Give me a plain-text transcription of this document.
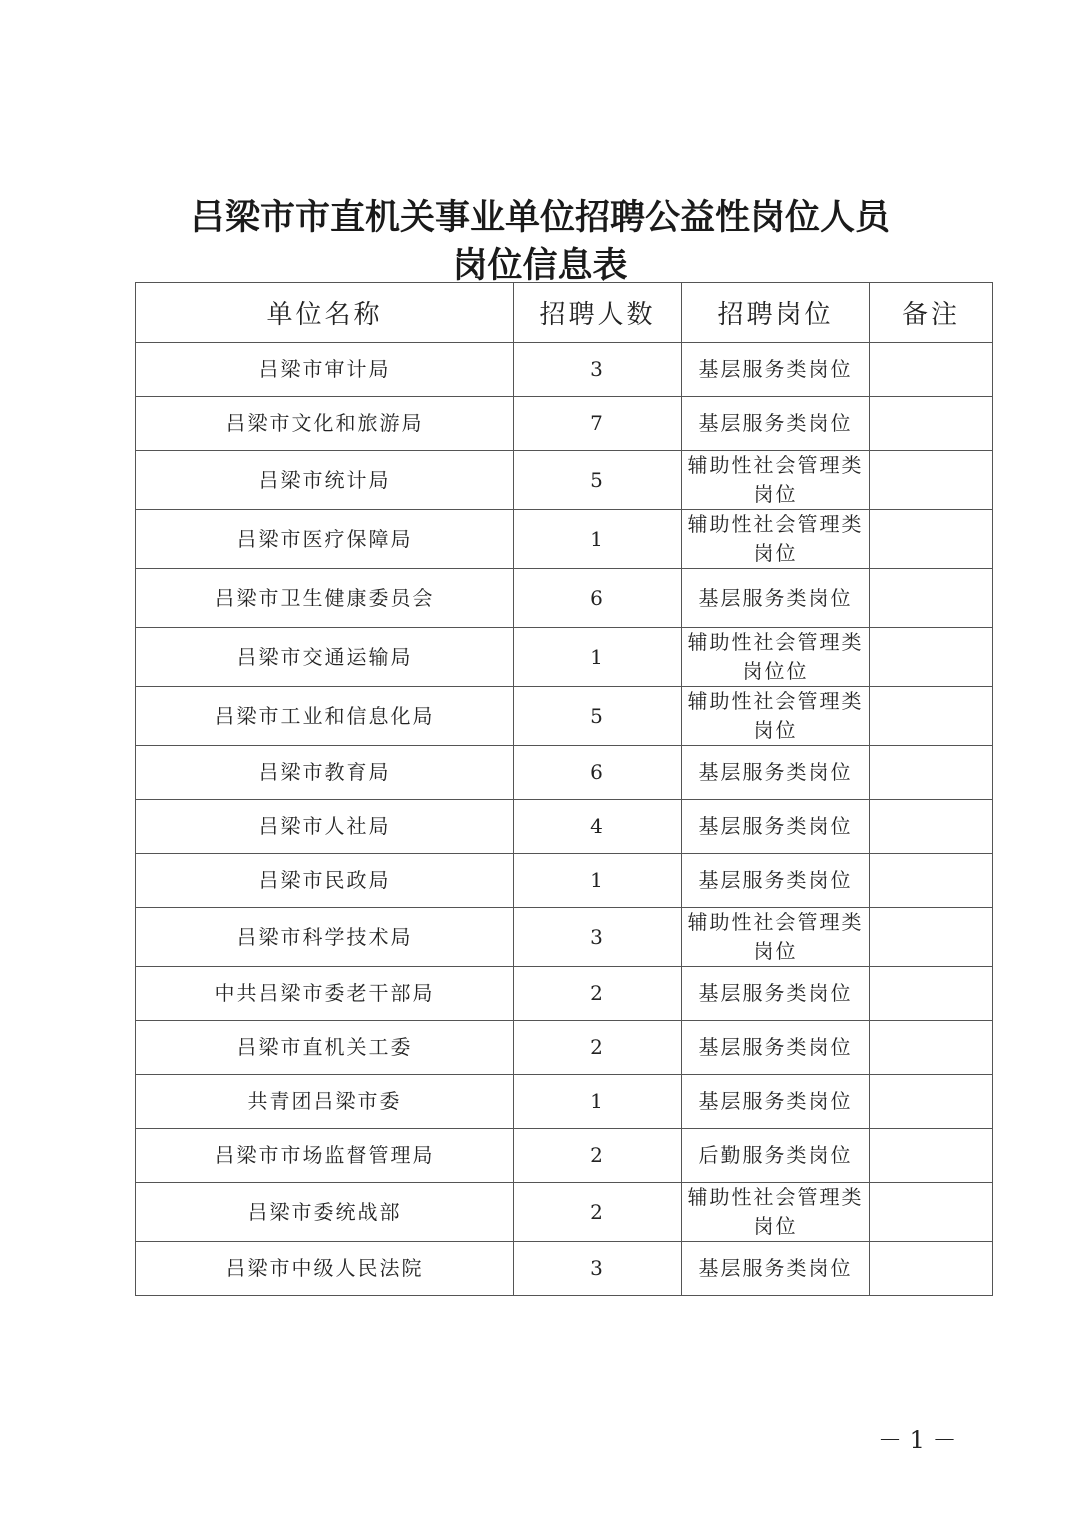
吕梁市市直机关事业单位招聘公益性岗位人员
岗位信息表
单位名称	招聘人数	招聘岗位	备注
吕梁市审计局	3	基层服务类岗位	
吕梁市文化和旅游局	7	基层服务类岗位	
吕梁市统计局	5	辅助性社会管理类岗位	
吕梁市医疗保障局	1	辅助性社会管理类岗位	
吕梁市卫生健康委员会	6	基层服务类岗位	
吕梁市交通运输局	1	辅助性社会管理类岗位位	
吕梁市工业和信息化局	5	辅助性社会管理类岗位	
吕梁市教育局	6	基层服务类岗位	
吕梁市人社局	4	基层服务类岗位	
吕梁市民政局	1	基层服务类岗位	
吕梁市科学技术局	3	辅助性社会管理类岗位	
中共吕梁市委老干部局	2	基层服务类岗位	
吕梁市直机关工委	2	基层服务类岗位	
共青团吕梁市委	1	基层服务类岗位	
吕梁市市场监督管理局	2	后勤服务类岗位	
吕梁市委统战部	2	辅助性社会管理类岗位	
吕梁市中级人民法院	3	基层服务类岗位	
－ 1 －
